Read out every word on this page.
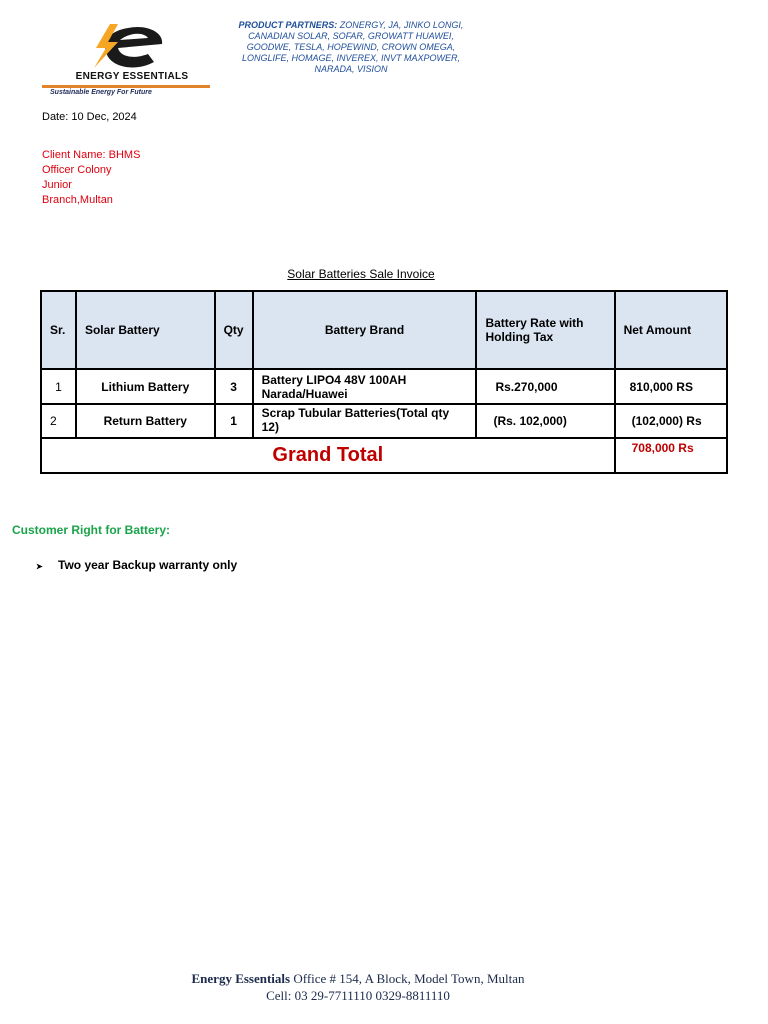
ENERGY ESSENTIALS
Sustainable Energy For Future
PRODUCT PARTNERS: ZONERGY, JA, JINKO LONGI, CANADIAN SOLAR, SOFAR, GROWATT HUAWEI, GOODWE, TESLA, HOPEWIND, CROWN OMEGA, LONGLIFE, HOMAGE, INVEREX, INVT MAXPOWER, NARADA, VISION
Date: 10 Dec, 2024
Client Name: BHMS
Officer Colony
Junior
Branch,Multan
Solar Batteries Sale Invoice
Sr.	Solar Battery	Qty	Battery Brand	Battery Rate with Holding Tax	Net Amount
1	Lithium Battery	3	Battery LIPO4 48V 100AH Narada/Huawei	Rs.270,000	810,000 RS
2	Return Battery	1	Scrap Tubular Batteries(Total qty 12)	(Rs. 102,000)	(102,000) Rs
Grand Total					708,000 Rs
Customer Right for Battery:
➤ Two year Backup warranty only
Energy Essentials Office # 154, A Block, Model Town, Multan
Cell: 03 29-7711110 0329-8811110
